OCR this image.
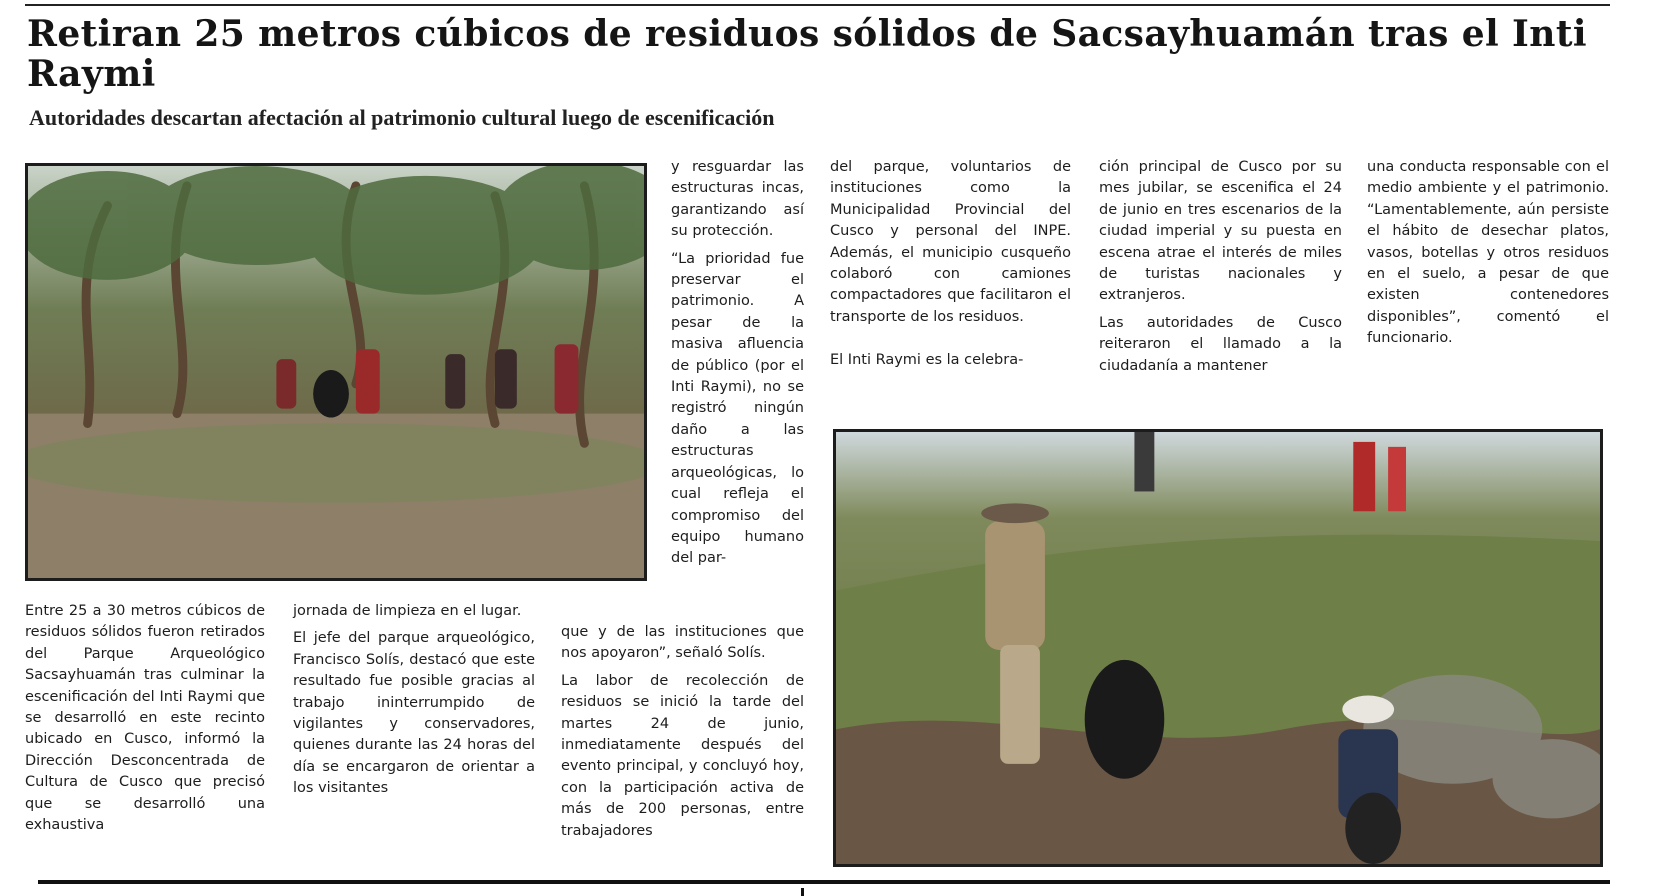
Retiran 25 metros cúbicos de residuos sólidos de Sacsayhuamán tras el Inti Raymi
Autoridades descartan afectación al patrimonio cultural luego de escenificación

Entre 25 a 30 metros cúbicos de residuos sólidos fueron retirados del Parque Arqueológico Sacsayhuamán tras culminar la escenificación del Inti Raymi que se desarrolló en este recinto ubicado en Cusco, informó la Dirección Desconcentrada de Cultura de Cusco que precisó que se desarrolló una exhaustiva

jornada de limpieza en el lugar.

El jefe del parque arqueológico, Francisco Solís, destacó que este resultado fue posible gracias al trabajo ininterrumpido de vigilantes y conservadores, quienes durante las 24 horas del día se encargaron de orientar a los visitantes

y resguardar las estructuras incas, garantizando así su protección.

“La prioridad fue preservar el patrimonio. A pesar de la masiva afluencia de público (por el Inti Raymi), no se registró ningún daño a las estructuras arqueológicas, lo cual refleja el compromiso del equipo humano del par-

que y de las instituciones que nos apoyaron”, señaló Solís.

La labor de recolección de residuos se inició la tarde del martes 24 de junio, inmediatamente después del evento principal, y concluyó hoy, con la participación activa de más de 200 personas, entre trabajadores

del parque, voluntarios de instituciones como la Municipalidad Provincial del Cusco y personal del INPE. Además, el municipio cusqueño colaboró con camiones compactadores que facilitaron el transporte de los residuos.

El Inti Raymi es la celebra-

ción principal de Cusco por su mes jubilar, se escenifica el 24 de junio en tres escenarios de la ciudad imperial y su puesta en escena atrae el interés de miles de turistas nacionales y extranjeros.

Las autoridades de Cusco reiteraron el llamado a la ciudadanía a mantener

una conducta responsable con el medio ambiente y el patrimonio. “Lamentablemente, aún persiste el hábito de desechar platos, vasos, botellas y otros residuos en el suelo, a pesar de que existen contenedores disponibles”, comentó el funcionario.
